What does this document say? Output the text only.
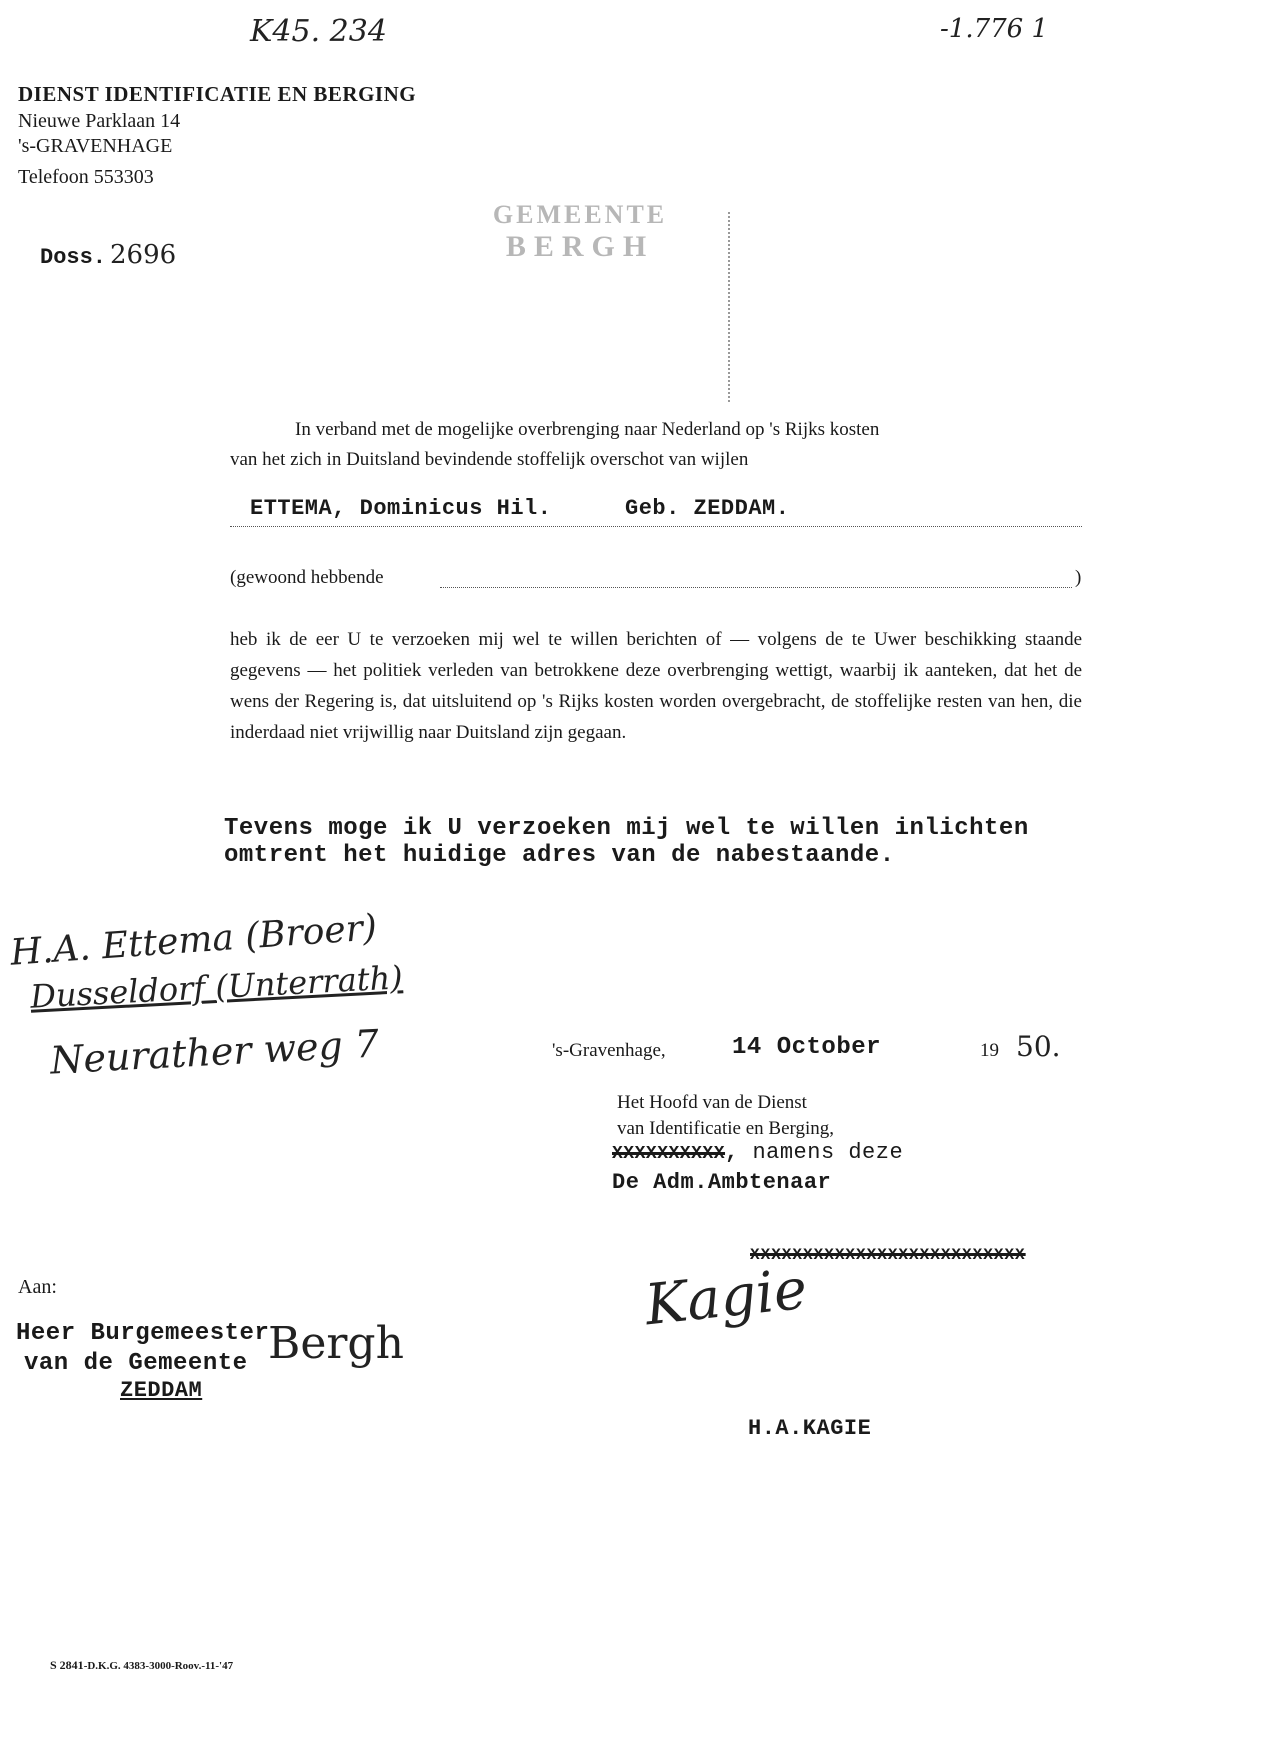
K45. 234	-1.776 1
DIENST IDENTIFICATIE EN BERGING
Nieuwe Parklaan 14
's-GRAVENHAGE
Telefoon 553303
Doss. 2696
GEMEENTE
BERGH
In verband met de mogelijke overbrenging naar Nederland op 's Rijks kosten
van het zich in Duitsland bevindende stoffelijk overschot van wijlen
ETTEMA, Dominicus Hil.	Geb. ZEDDAM.
(gewoond hebbende	)
heb ik de eer U te verzoeken mij wel te willen berichten of — volgens de te Uwer beschikking staande gegevens — het politiek verleden van betrokkene deze overbrenging wettigt, waarbij ik aanteken, dat het de wens der Regering is, dat uitsluitend op 's Rijks kosten worden overgebracht, de stoffelijke resten van hen, die inderdaad niet vrijwillig naar Duitsland zijn gegaan.
Tevens moge ik U verzoeken mij wel te willen inlichten
omtrent het huidige adres van de nabestaande.
H.A. Ettema (Broer)
Dusseldorf (Unterrath)
Neurather weg 7	's-Gravenhage,	14 October	19 50.
Het Hoofd van de Dienst
van Identificatie en Berging,
XXXXXXXXXX, namens deze
De Adm.Ambtenaar
XXXXXXXXXXXXXXXXXXXXXXXXXX
Kagie
H.A.KAGIE
Aan:
Heer Burgemeester
van de Gemeente
ZEDDAM
Bergh
S 2841-D.K.G. 4383-3000-Roov.-11-'47
